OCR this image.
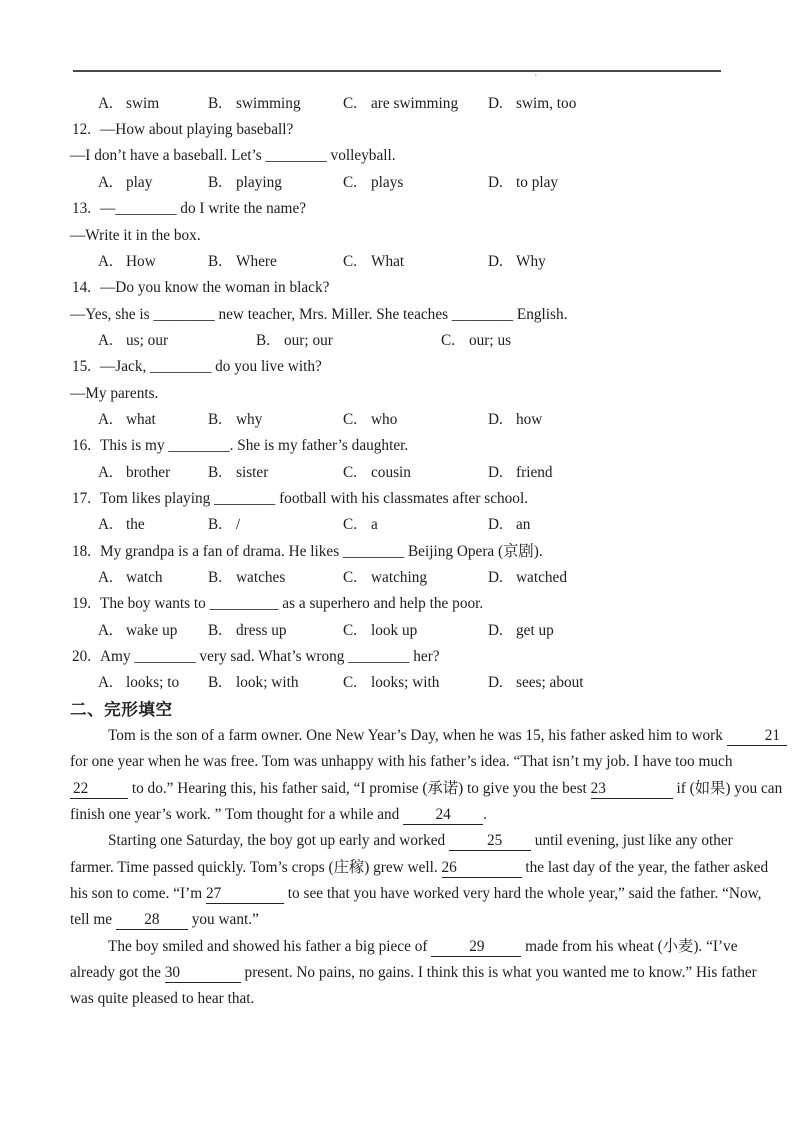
'
A. swim	B. swimming	C. are swimming D. swim, too
12. —How about playing baseball?
—I don’t have a baseball. Let’s ________ volleyball.
A. play	B. playing	C. plays	D. to play
13. —________ do I write the name?
—Write it in the box.
A. How	B. Where	C. What	D. Why
14. —Do you know the woman in black?
—Yes, she is ________ new teacher, Mrs. Miller. She teaches ________ English.
A. us; our	B. our; our	C. our; us
15. —Jack, ________ do you live with?
—My parents.
A. what	B. why	C. who	D. how
16. This is my ________. She is my father’s daughter.
A. brother B. sister	C. cousin	D. friend
17. Tom likes playing ________ football with his classmates after school.
A. the	B. /	C. a	D. an
18. My grandpa is a fan of drama. He likes ________ Beijing Opera (京剧).
A. watch	B. watches	C. watching	D. watched
19. The boy wants to _________ as a superhero and help the poor.
A. wake up B. dress up	C. look up	D. get up
20. Amy ________ very sad. What’s wrong ________ her?
A. looks; to B. look; with	C. looks; with	D. sees; about
二、完形填空
Tom is the son of a farm owner. One New Year’s Day, when he was 15, his father asked him to work 21
for one year when he was free. Tom was unhappy with his father’s idea. “That isn’t my job. I have too much
22	to do.” Hearing this, his father said, “I promise (承诺) to give you the best 23	if (如果) you can
finish one year’s work. ” Tom thought for a while and 24 .
Starting one Saturday, the boy got up early and worked 25 until evening, just like any other
farmer. Time passed quickly. Tom’s crops (庄稼) grew well. 26	the last day of the year, the father asked
his son to come. “I’m 27	to see that you have worked very hard the whole year,” said the father. “Now,
tell me 28 you want.”
The boy smiled and showed his father a big piece of 29 made from his wheat (小麦). “I’ve
already got the 30	present. No pains, no gains. I think this is what you wanted me to know.” His father
was quite pleased to hear that.
